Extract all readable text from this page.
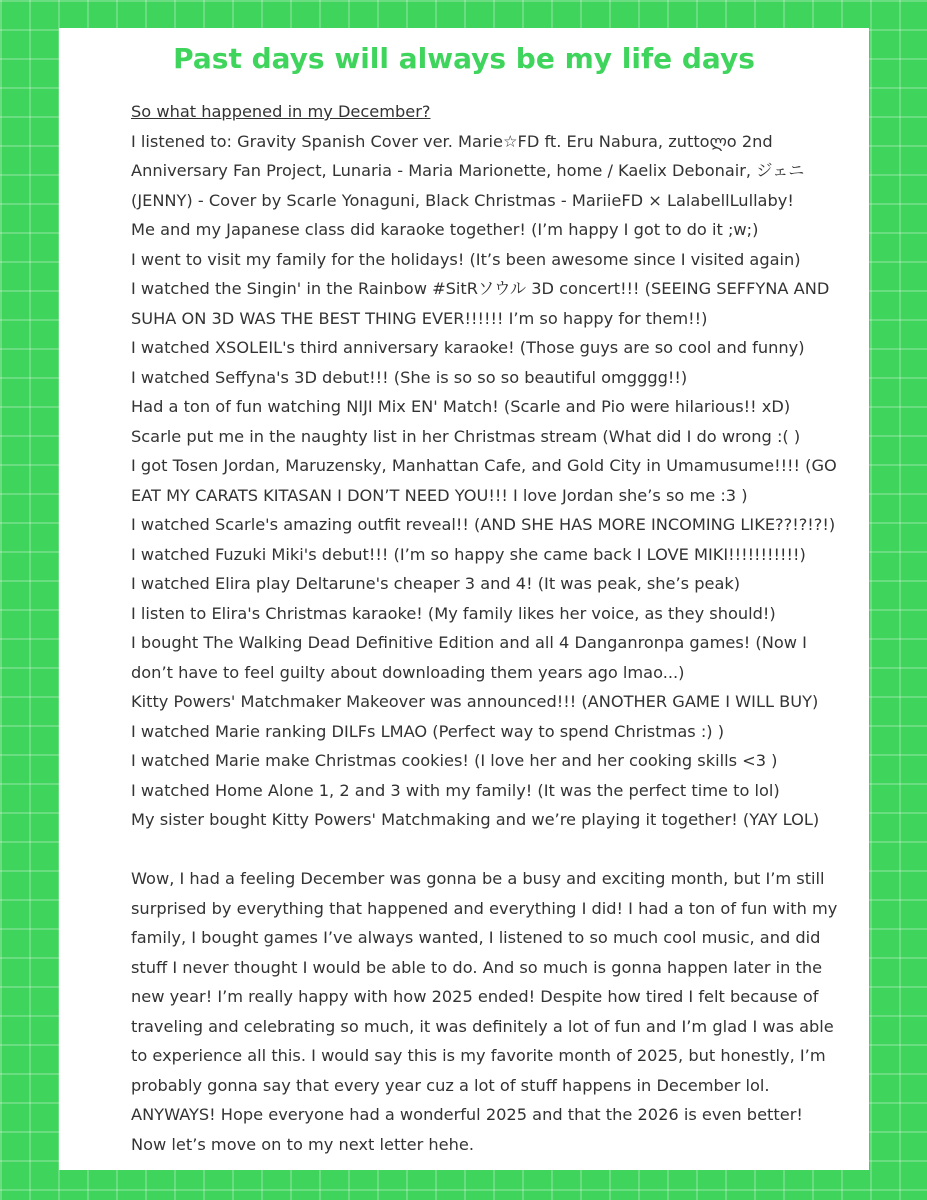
Past days will always be my life days

So what happened in my December?

I listened to: Gravity Spanish Cover ver. Marie☆FD ft. Eru Nabura, zuttoლo 2nd Anniversary Fan Project, Lunaria - Maria Marionette, home / Kaelix Debonair, ジェニ (JENNY) - Cover by Scarle Yonaguni, Black Christmas - MariieFD × LalabellLullaby!

Me and my Japanese class did karaoke together! (I’m happy I got to do it ;w;)

I went to visit my family for the holidays! (It’s been awesome since I visited again)

I watched the Singin' in the Rainbow #SitRソウル 3D concert!!! (SEEING SEFFYNA AND SUHA ON 3D WAS THE BEST THING EVER!!!!!! I’m so happy for them!!)

I watched XSOLEIL's third anniversary karaoke! (Those guys are so cool and funny)

I watched Seffyna's 3D debut!!! (She is so so so beautiful omgggg!!)

Had a ton of fun watching NIJI Mix EN' Match! (Scarle and Pio were hilarious!! xD)

Scarle put me in the naughty list in her Christmas stream (What did I do wrong :( )

I got Tosen Jordan, Maruzensky, Manhattan Cafe, and Gold City in Umamusume!!!! (GO EAT MY CARATS KITASAN I DON’T NEED YOU!!! I love Jordan she’s so me :3 )

I watched Scarle's amazing outfit reveal!! (AND SHE HAS MORE INCOMING LIKE??!?!?!)

I watched Fuzuki Miki's debut!!! (I’m so happy she came back I LOVE MIKI!!!!!!!!!!!)

I watched Elira play Deltarune's cheaper 3 and 4! (It was peak, she’s peak)

I listen to Elira's Christmas karaoke! (My family likes her voice, as they should!)

I bought The Walking Dead Definitive Edition and all 4 Danganronpa games! (Now I don’t have to feel guilty about downloading them years ago lmao...)

Kitty Powers' Matchmaker Makeover was announced!!! (ANOTHER GAME I WILL BUY)

I watched Marie ranking DILFs LMAO (Perfect way to spend Christmas :) )

I watched Marie make Christmas cookies! (I love her and her cooking skills <3 )

I watched Home Alone 1, 2 and 3 with my family! (It was the perfect time to lol)

My sister bought Kitty Powers' Matchmaking and we’re playing it together! (YAY LOL)

Wow, I had a feeling December was gonna be a busy and exciting month, but I’m still surprised by everything that happened and everything I did! I had a ton of fun with my family, I bought games I’ve always wanted, I listened to so much cool music, and did stuff I never thought I would be able to do. And so much is gonna happen later in the new year! I’m really happy with how 2025 ended! Despite how tired I felt because of traveling and celebrating so much, it was definitely a lot of fun and I’m glad I was able to experience all this. I would say this is my favorite month of 2025, but honestly, I’m probably gonna say that every year cuz a lot of stuff happens in December lol. ANYWAYS! Hope everyone had a wonderful 2025 and that the 2026 is even better! Now let’s move on to my next letter hehe.
